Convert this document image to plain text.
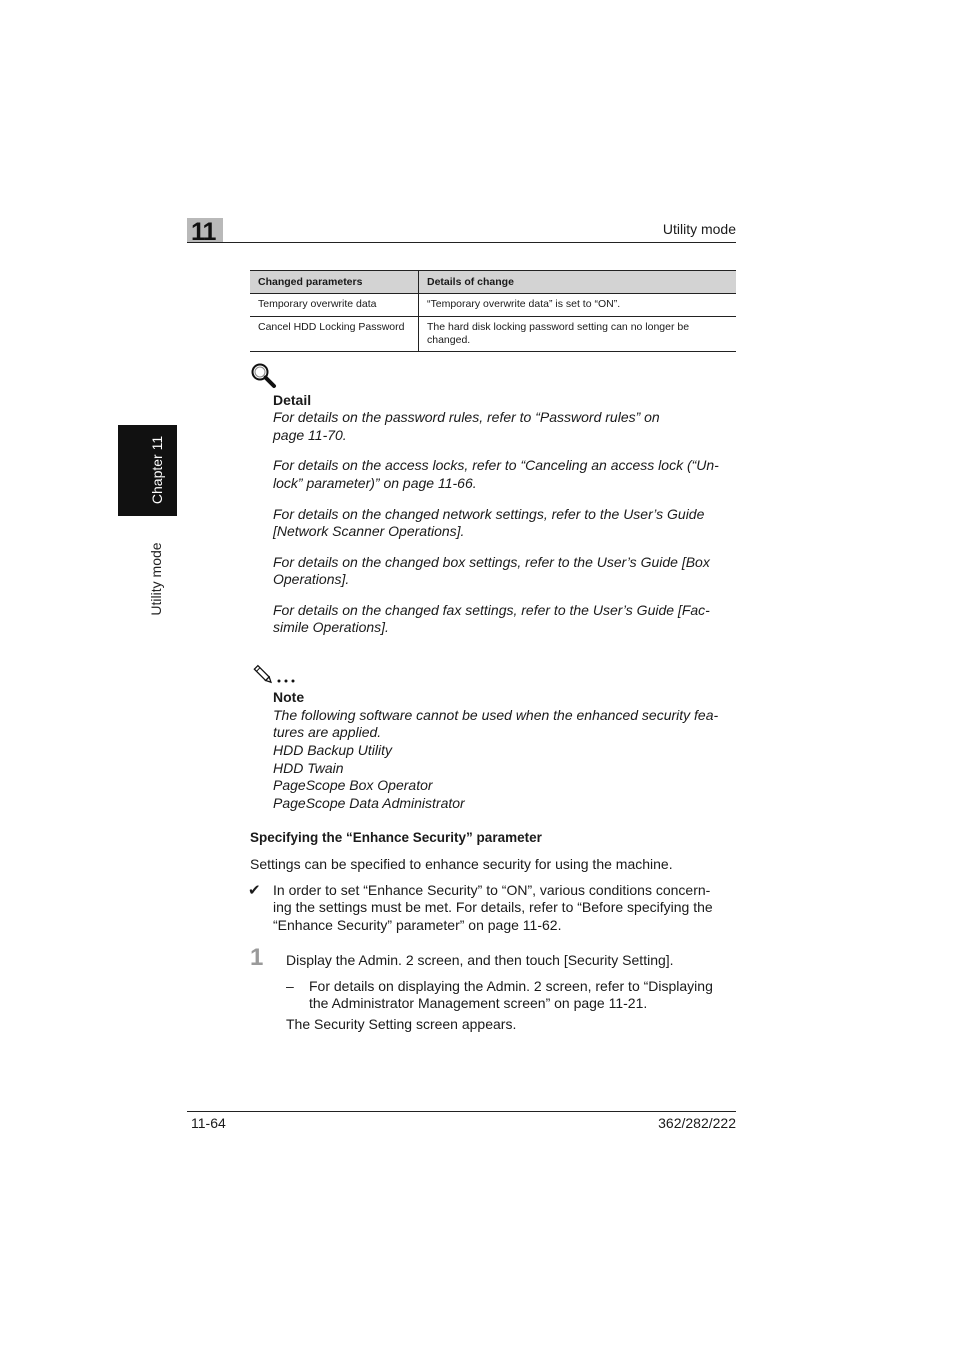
11	Utility mode
Chapter 11
Utility mode
Changed parameters	Details of change
Temporary overwrite data	“Temporary overwrite data” is set to “ON”.
Cancel HDD Locking Password	The hard disk locking password setting can no longer be changed.
Detail
For details on the password rules, refer to “Password rules” on
page 11-70.
For details on the access locks, refer to “Canceling an access lock (“Un-
lock” parameter)” on page 11-66.
For details on the changed network settings, refer to the User’s Guide
[Network Scanner Operations].
For details on the changed box settings, refer to the User’s Guide [Box
Operations].
For details on the changed fax settings, refer to the User’s Guide [Fac-
simile Operations].
Note
The following software cannot be used when the enhanced security fea-
tures are applied.
HDD Backup Utility
HDD Twain
PageScope Box Operator
PageScope Data Administrator
Specifying the “Enhance Security” parameter
Settings can be specified to enhance security for using the machine.
✔ In order to set “Enhance Security” to “ON”, various conditions concern-
ing the settings must be met. For details, refer to “Before specifying the
“Enhance Security” parameter” on page 11-62.
1 Display the Admin. 2 screen, and then touch [Security Setting].
– For details on displaying the Admin. 2 screen, refer to “Displaying
the Administrator Management screen” on page 11-21.
The Security Setting screen appears.
11-64	362/282/222
